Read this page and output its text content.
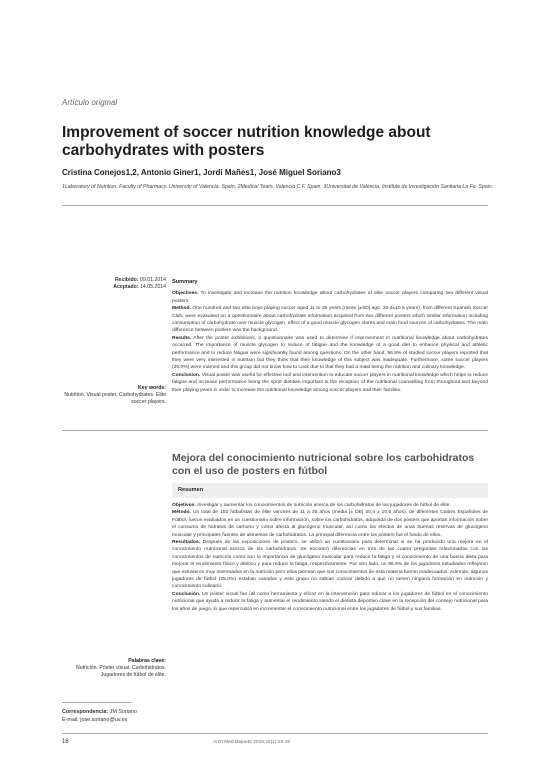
Artículo original
Improvement of soccer nutrition knowledge about carbohydrates with posters
Cristina Conejos1,2, Antonio Giner1, Jordi Mañes1, José Miguel Soriano3
1Laboratory of Nutrition. Faculty of Pharmacy. University of Valencia. Spain. 2Medical Team. Valencia C.F. Spain. 3Universitat de València. Institute de Investigación Sanitaria La Fe. Spain.
Recibido: 09.01.2014
Aceptado: 14.05.2014

Summary

Objectives. To investigate and increase the nutrition knowledge about carbohydrates of elite soccer players comparing two different visual posters.

Method. One hundred and two elite boys playing soccer aged 11 to 35 years (mean [±SD] age, 20.4±10.5 years), from different Spanish Soccer Club, were evaluated on a questionnaire about carbohydrate information acquired from two different posters which similar information including consumption of carbohydrate over muscle glycogen, effect of a good muscle glycogen stores and main food sources of carbohydrates. The main difference between posters was the background.

Results. After the poster exhibitions, a questionnaire was used to determine if improvement in nutritional knowledge about carbohydrates occurred. The importance of muscle glycogen to reduce of fatigue and the knowledge of a good diet to enhance physical and athletic performance and to reduce fatigue were significantly found among questions. On the other hand, 96.9% of studied soccer players reported that they were very interested in nutrition but they think that their knowledge of this subject was inadequate. Furthermore, some soccer players (25.0%) were married and this group did not know how to cook due to that they had a maid being the nutrition and culinary knowledge.

Conclusion. Visual poster was useful for effective tool and intervention to educate soccer players in nutritional knowledge which helps to reduce fatigue and increase performance being the sport dietitian important in the reception of the nutritional counselling from throughout and beyond their playing years in order to increase the nutritional knowledge among soccer players and their families.

Key words:
Nutrition. Visual poster. Carbohydrates. Elite soccer players.
Mejora del conocimiento nutricional sobre los carbohidratos con el uso de posters en fútbol
Resumen

Objetivos. Investigar y aumentar los conocimientos de nutrición acerca de los carbohidratos de los jugadores de fútbol de élite.

Método. Un total de 102 futbolistas de élite varones de 11 a 35 años (media [± DE] 20,4 ± 10,5 años), de diferentes Clubes Españoles de Fútbol, fueron evaluados en un cuestionario sobre información, sobre los carbohidratos, adquirida de dos pósters que aportan información sobre el consumo de hidratos de carbono y como afecta al glucógeno muscular, así como los efectos de unas buenas reservas de glucógeno muscular y principales fuentes de alimentos de carbohidratos. La principal diferencia entre los pósters fue el fondo de ellos.

Resultados. Después de las exposiciones de pósters, se utilizó un cuestionario para determinar si se ha producido una mejora en el conocimiento nutricional acerca de los carbohidratos. Se encontró diferencias en tres de las cuatro preguntas relacionadas con los conocimientos de nutrición como son la importancia de glucógeno muscular para reducir la fatiga y el conocimiento de una buena dieta para mejorar el rendimiento físico y atlético y para reducir la fatiga, respectivamente. Por otro lado, un 96,9% de los jugadores estudiados reflejaron que estuvieron muy interesados en la nutrición pero ellos piensan que sus conocimientos de esta materia fueron inadecuados. Además, algunos jugadores de fútbol (25,0%) estaban casados y este grupo no sabían cocinar debido a que no tienen ninguna formación en nutrición y conocimiento culinario.

Conclusión. Un póster visual fue útil como herramienta y eficaz en la intervención para educar a los jugadores de fútbol en el conocimiento nutricional que ayuda a reducir la fatiga y aumentar el rendimiento siendo el dietista deportivo clave en la recepción del consejo nutricional para los años de juego, lo que repercutirá en incrementar el conocimiento nutricional entre los jugadores de fútbol y sus familias.

Palabras clave:
Nutrición. Póster visual. Carbohidratos. Jugadores de fútbol de élite.
Correspondencia: JM Soriano
E-mail: jose.soriano@uv.es
16	Arch Med Deporte 2015;32(1):16-19
